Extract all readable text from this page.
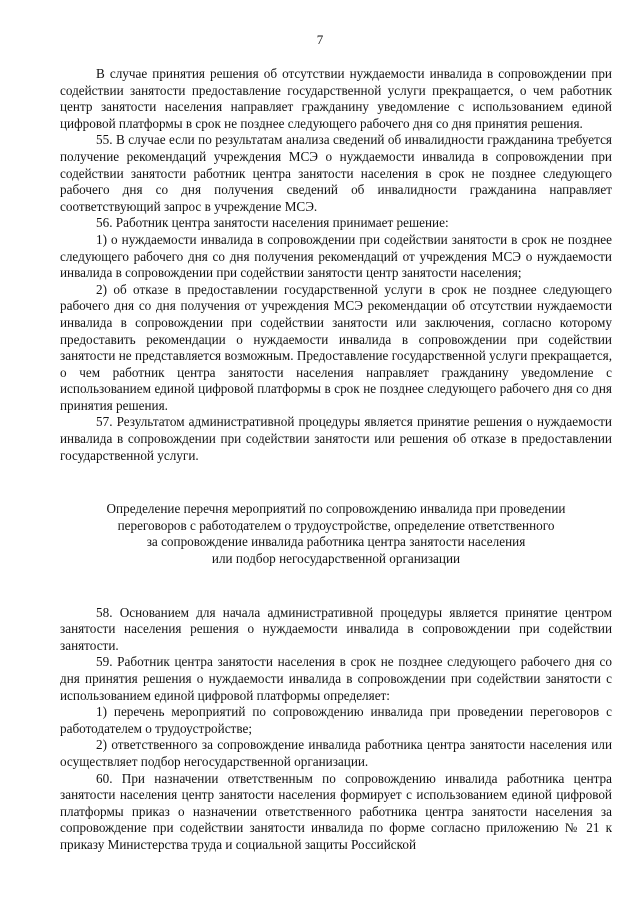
7

В случае принятия решения об отсутствии нуждаемости инвалида в сопровождении при содействии занятости предоставление государственной услуги прекращается, о чем работник центр занятости населения направляет гражданину уведомление с использованием единой цифровой платформы в срок не позднее следующего рабочего дня со дня принятия решения.

55. В случае если по результатам анализа сведений об инвалидности гражданина требуется получение рекомендаций учреждения МСЭ о нуждаемости инвалида в сопровождении при содействии занятости работник центра занятости населения в срок не позднее следующего рабочего дня со дня получения сведений об инвалидности гражданина направляет соответствующий запрос в учреждение МСЭ.

56. Работник центра занятости населения принимает решение:

1) о нуждаемости инвалида в сопровождении при содействии занятости в срок не позднее следующего рабочего дня со дня получения рекомендаций от учреждения МСЭ о нуждаемости инвалида в сопровождении при содействии занятости центр занятости населения;

2) об отказе в предоставлении государственной услуги в срок не позднее следующего рабочего дня со дня получения от учреждения МСЭ рекомендации об отсутствии нуждаемости инвалида в сопровождении при содействии занятости или заключения, согласно которому предоставить рекомендации о нуждаемости инвалида в сопровождении при содействии занятости не представляется возможным. Предоставление государственной услуги прекращается, о чем работник центра занятости населения направляет гражданину уведомление с использованием единой цифровой платформы в срок не позднее следующего рабочего дня со дня принятия решения.

57. Результатом административной процедуры является принятие решения о нуждаемости инвалида в сопровождении при содействии занятости или решения об отказе в предоставлении государственной услуги.

Определение перечня мероприятий по сопровождению инвалида при проведении
переговоров с работодателем о трудоустройстве, определение ответственного
за сопровождение инвалида работника центра занятости населения
или подбор негосударственной организации

58. Основанием для начала административной процедуры является принятие центром занятости населения решения о нуждаемости инвалида в сопровождении при содействии занятости.

59. Работник центра занятости населения в срок не позднее следующего рабочего дня со дня принятия решения о нуждаемости инвалида в сопровождении при содействии занятости с использованием единой цифровой платформы определяет:

1) перечень мероприятий по сопровождению инвалида при проведении переговоров с работодателем о трудоустройстве;

2) ответственного за сопровождение инвалида работника центра занятости населения или осуществляет подбор негосударственной организации.

60. При назначении ответственным по сопровождению инвалида работника центра занятости населения центр занятости населения формирует с использованием единой цифровой платформы приказ о назначении ответственного работника центра занятости населения за сопровождение при содействии занятости инвалида по форме согласно приложению № 21 к приказу Министерства труда и социальной защиты Российской
